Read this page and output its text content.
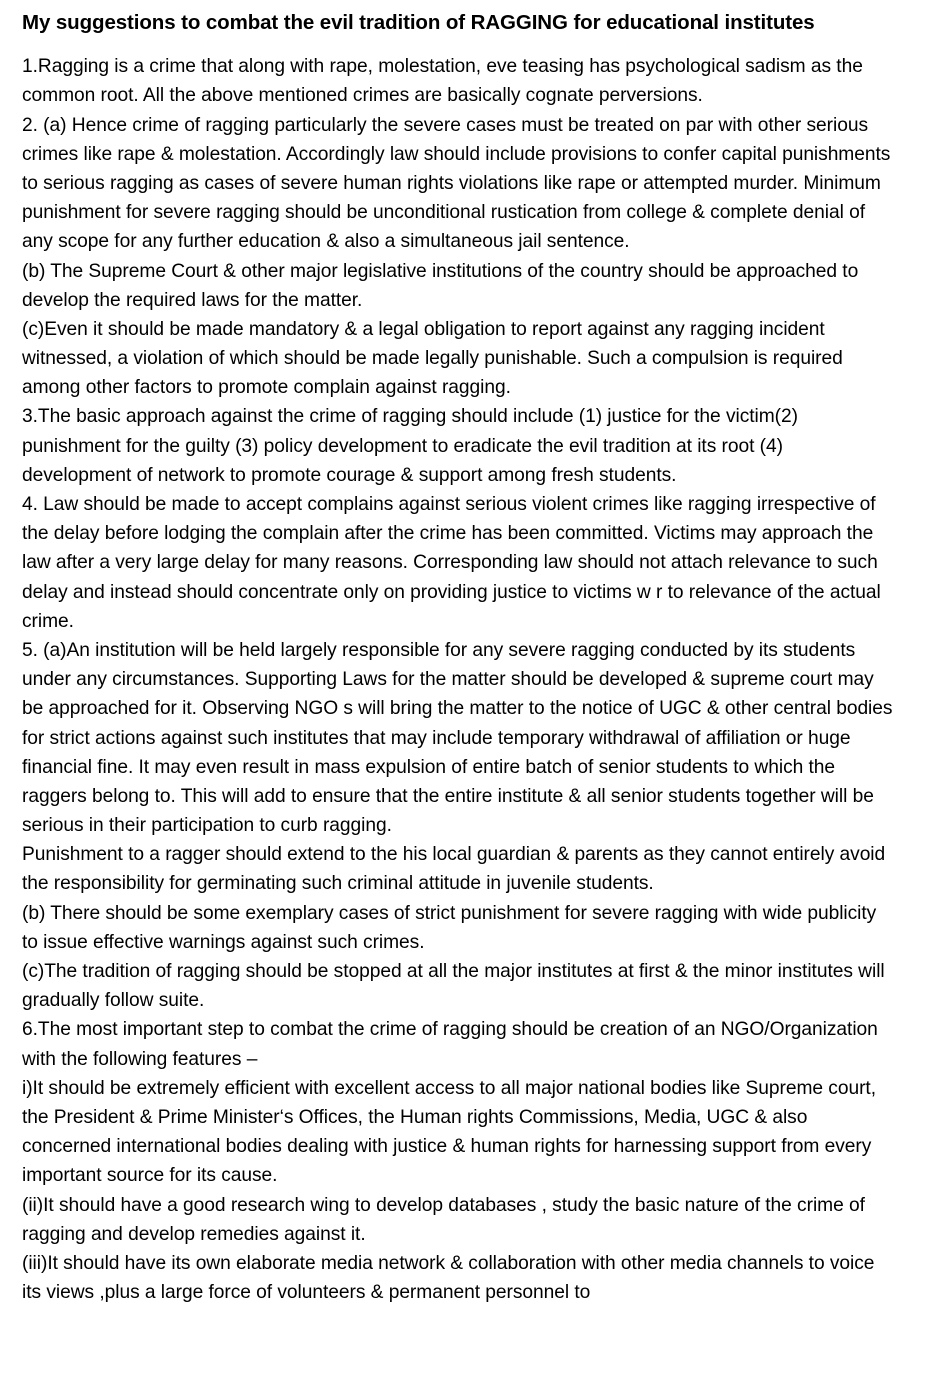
My suggestions to combat the evil tradition of RAGGING for educational institutes

1.Ragging is a crime that along with rape, molestation, eve teasing has psychological sadism as the common root. All the above mentioned crimes are basically cognate perversions.

2. (a) Hence crime of ragging particularly the severe cases must be treated on par with other serious crimes like rape & molestation. Accordingly law should include provisions to confer capital punishments to serious ragging as cases of severe human rights violations like rape or attempted murder. Minimum punishment for severe ragging should be unconditional rustication from college & complete denial of any scope for any further education & also a simultaneous jail sentence.

(b) The Supreme Court & other major legislative institutions of the country should be approached to develop the required laws for the matter.

(c)Even it should be made mandatory & a legal obligation to report against any ragging incident witnessed, a violation of which should be made legally punishable. Such a compulsion is required among other factors to promote complain against ragging.

3.The basic approach against the crime of ragging should include (1) justice for the victim(2) punishment for the guilty (3) policy development to eradicate the evil tradition at its root (4) development of network to promote courage & support among fresh students.

4. Law should be made to accept complains against serious violent crimes like ragging irrespective of the delay before lodging the complain after the crime has been committed. Victims may approach the law after a very large delay for many reasons. Corresponding law should not attach relevance to such delay and instead should concentrate only on providing justice to victims w r to relevance of the actual crime.

5. (a)An institution will be held largely responsible for any severe ragging conducted by its students under any circumstances. Supporting Laws for the matter should be developed & supreme court may be approached for it. Observing NGO s will bring the matter to the notice of UGC & other central bodies for strict actions against such institutes that may include temporary withdrawal of affiliation or huge financial fine. It may even result in mass expulsion of entire batch of senior students to which the raggers belong to. This will add to ensure that the entire institute & all senior students together will be serious in their participation to curb ragging.

Punishment to a ragger should extend to the his local guardian & parents as they cannot entirely avoid the responsibility for germinating such criminal attitude in juvenile students.

(b) There should be some exemplary cases of strict punishment for severe ragging with wide publicity to issue effective warnings against such crimes.

(c)The tradition of ragging should be stopped at all the major institutes at first & the minor institutes will gradually follow suite.

6.The most important step to combat the crime of ragging should be creation of an NGO/Organization with the following features –

i)It should be extremely efficient with excellent access to all major national bodies like Supreme court, the President & Prime Minister‘s Offices, the Human rights Commissions, Media, UGC & also concerned international bodies dealing with justice & human rights for harnessing support from every important source for its cause.

(ii)It should have a good research wing to develop databases , study the basic nature of the crime of ragging and develop remedies against it.

(iii)It should have its own elaborate media network & collaboration with other media channels to voice its views ,plus a large force of volunteers & permanent personnel to
